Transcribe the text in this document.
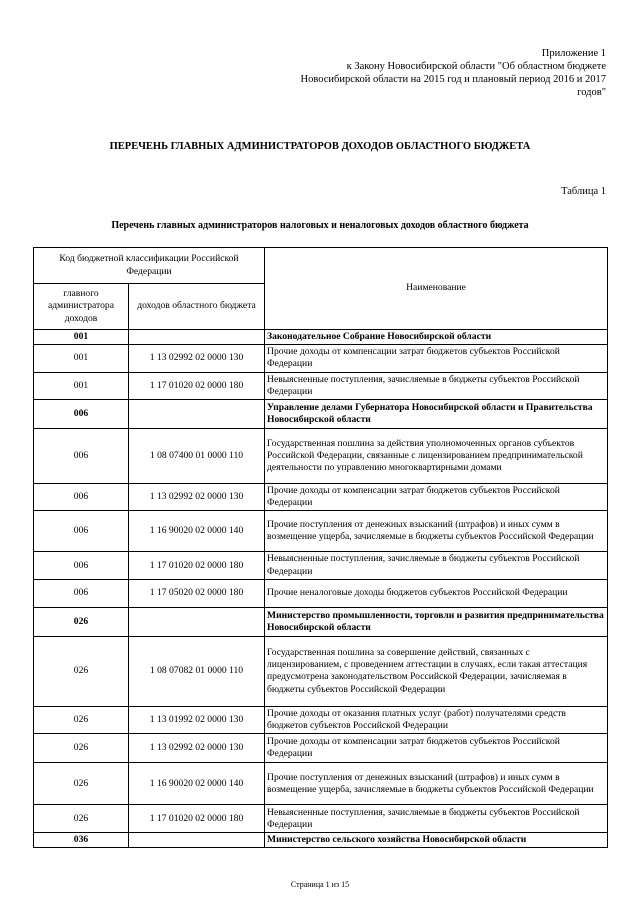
Приложение 1
к Закону Новосибирской области "Об областном бюджете
Новосибирской области на 2015 год и плановый период 2016 и 2017
годов"
ПЕРЕЧЕНЬ ГЛАВНЫХ АДМИНИСТРАТОРОВ ДОХОДОВ ОБЛАСТНОГО БЮДЖЕТА
Таблица 1
Перечень главных администраторов налоговых и неналоговых доходов областного бюджета
Код бюджетной классификации Российской Федерации		Наименование
главного администратора доходов	доходов областного бюджета	
001		Законодательное Собрание Новосибирской области
001	1 13 02992 02 0000 130	Прочие доходы от компенсации затрат бюджетов субъектов Российской Федерации
001	1 17 01020 02 0000 180	Невыясненные поступления, зачисляемые в бюджеты субъектов Российской Федерации
006		Управление делами Губернатора Новосибирской области и Правительства Новосибирской области
006	1 08 07400 01 0000 110	Государственная пошлина за действия уполномоченных органов субъектов Российской Федерации, связанные с лицензированием предпринимательской деятельности по управлению многоквартирными домами
006	1 13 02992 02 0000 130	Прочие доходы от компенсации затрат бюджетов субъектов Российской Федерации
006	1 16 90020 02 0000 140	Прочие поступления от денежных взысканий (штрафов) и иных сумм в возмещение ущерба, зачисляемые в бюджеты субъектов Российской Федерации
006	1 17 01020 02 0000 180	Невыясненные поступления, зачисляемые в бюджеты субъектов Российской Федерации
006	1 17 05020 02 0000 180	Прочие неналоговые доходы бюджетов субъектов Российской Федерации
026		Министерство промышленности, торговли и развития предпринимательства Новосибирской области
026	1 08 07082 01 0000 110	Государственная пошлина за совершение действий, связанных с лицензированием, с проведением аттестации в случаях, если такая аттестация предусмотрена законодательством Российской Федерации, зачисляемая в бюджеты субъектов Российской Федерации
026	1 13 01992 02 0000 130	Прочие доходы от оказания платных услуг (работ) получателями средств бюджетов субъектов Российской Федерации
026	1 13 02992 02 0000 130	Прочие доходы от компенсации затрат бюджетов субъектов Российской Федерации
026	1 16 90020 02 0000 140	Прочие поступления от денежных взысканий (штрафов) и иных сумм в возмещение ущерба, зачисляемые в бюджеты субъектов Российской Федерации
026	1 17 01020 02 0000 180	Невыясненные поступления, зачисляемые в бюджеты субъектов Российской Федерации
036		Министерство сельского хозяйства Новосибирской области
Страница 1 из 15
